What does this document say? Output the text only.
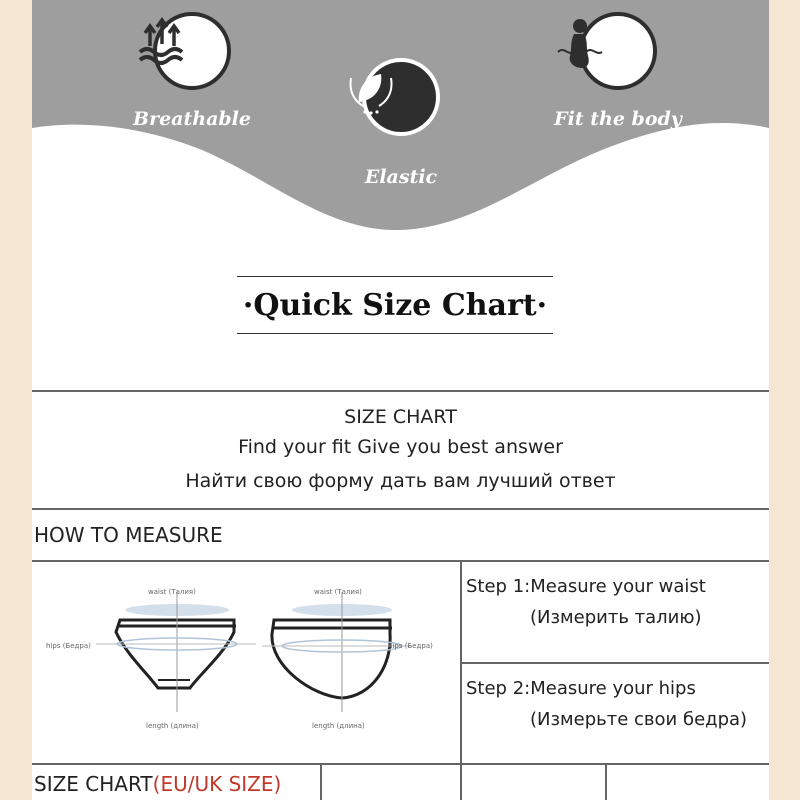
Breathable
Elastic
Fit the body
·Quick Size Chart·
SIZE CHART
Find your fit Give you best answer
Найти свою форму дать вам лучший ответ
HOW TO MEASURE
waist (Талия)
hips (Бедра)
length (длина)
waist (Талия)
hips (Бедра)
length (длина)
Step 1:Measure your waist
(Измерить талию)
Step 2:Measure your hips
(Измерьте свои бедра)
SIZE CHART (EU/UK SIZE)
